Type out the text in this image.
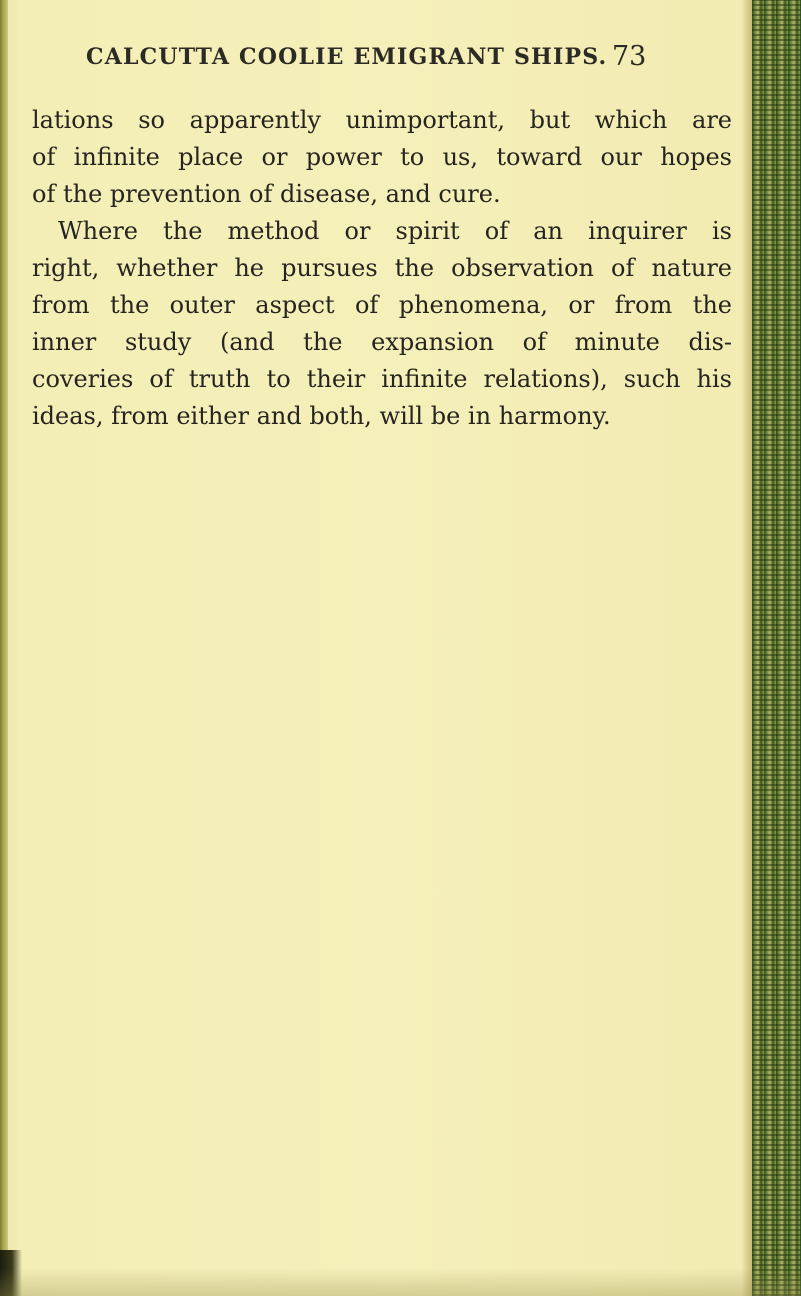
CALCUTTA COOLIE EMIGRANT SHIPS. 73
lations so apparently unimportant, but which are
of infinite place or power to us, toward our hopes
of the prevention of disease, and cure.
Where the method or spirit of an inquirer is
right, whether he pursues the observation of nature
from the outer aspect of phenomena, or from the
inner study (and the expansion of minute dis-
coveries of truth to their infinite relations), such his
ideas, from either and both, will be in harmony.
